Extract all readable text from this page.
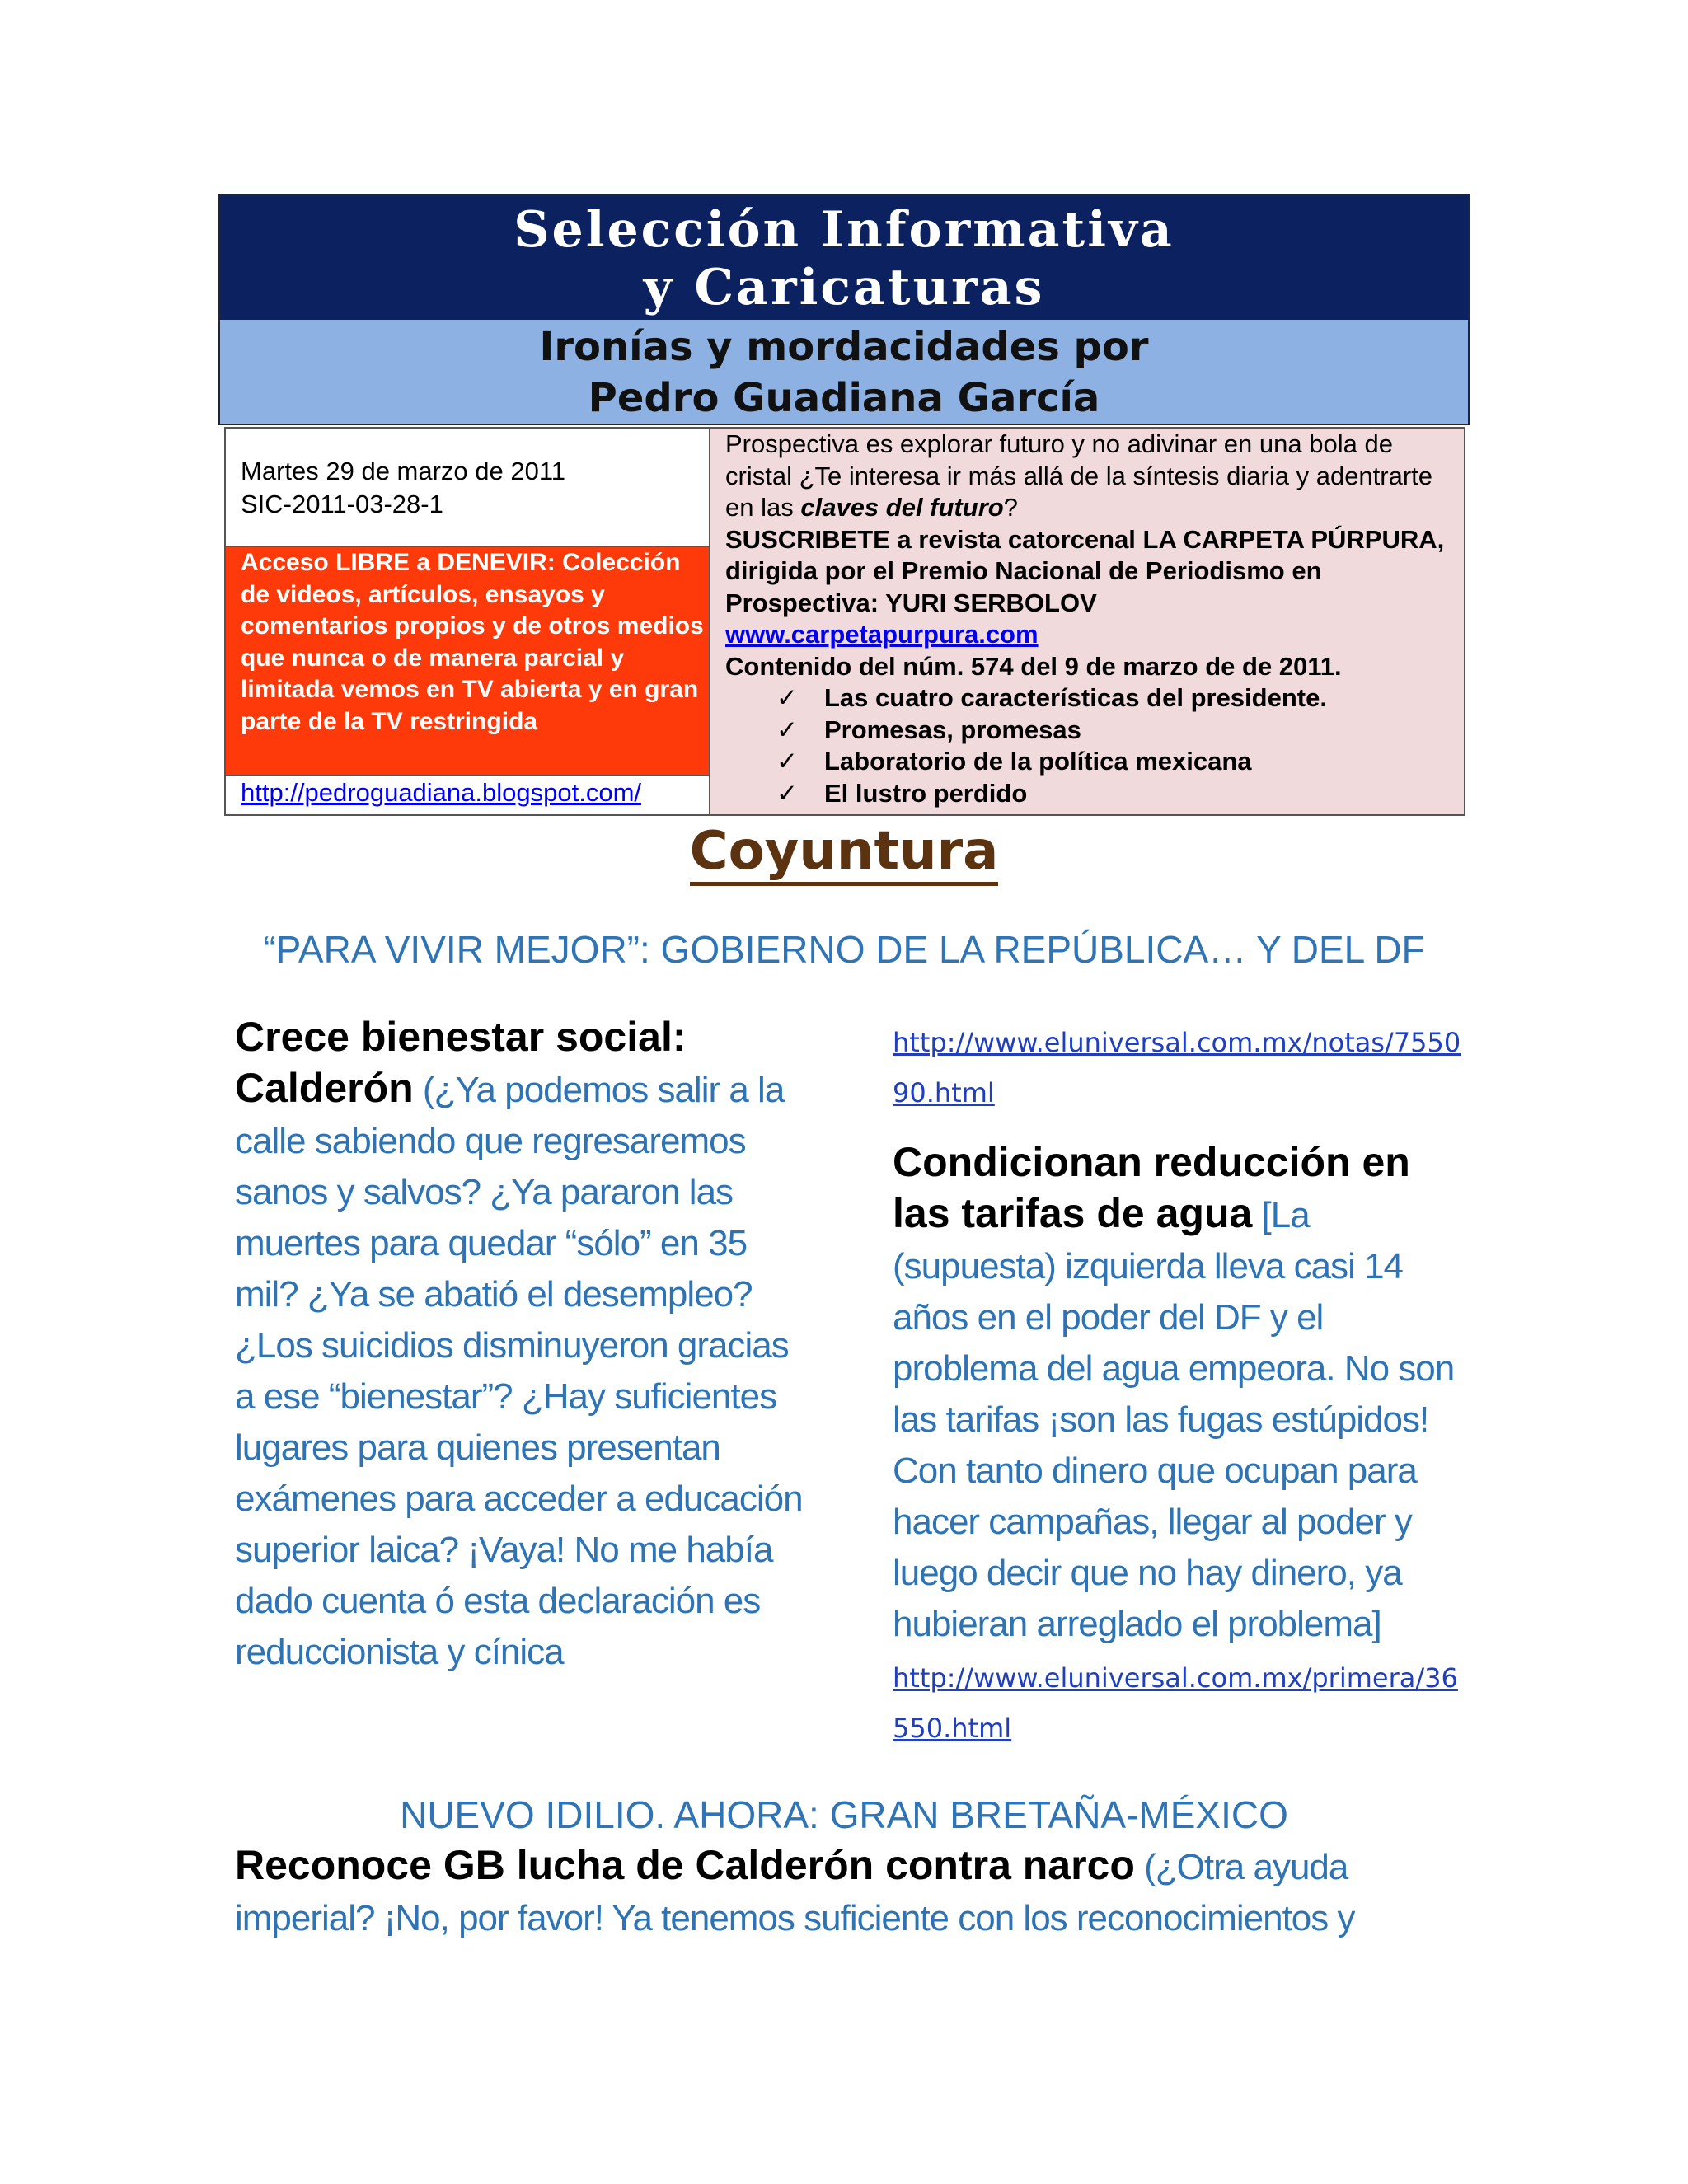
Selección Informativa
y Caricaturas
Ironías y mordacidades por
Pedro Guadiana García
Martes 29 de marzo de 2011
SIC-2011-03-28-1
Acceso LIBRE a DENEVIR: Colección de videos, artículos, ensayos y comentarios propios y de otros medios que nunca o de manera parcial y limitada vemos en TV abierta y en gran parte de la TV restringida
http://pedroguadiana.blogspot.com/
Prospectiva es explorar futuro y no adivinar en una bola de cristal ¿Te interesa ir más allá de la síntesis diaria y adentrarte en las claves del futuro?
SUSCRIBETE a revista catorcenal LA CARPETA PÚRPURA, dirigida por el Premio Nacional de Periodismo en Prospectiva: YURI SERBOLOV
www.carpetapurpura.com
Contenido del núm. 574 del 9 de marzo de de 2011.
✓ Las cuatro características del presidente.
✓ Promesas, promesas
✓ Laboratorio de la política mexicana
✓ El lustro perdido
Coyuntura
“PARA VIVIR MEJOR”: GOBIERNO DE LA REPÚBLICA… Y DEL DF
Crece bienestar social: Calderón (¿Ya podemos salir a la calle sabiendo que regresaremos sanos y salvos? ¿Ya pararon las muertes para quedar “sólo” en 35 mil? ¿Ya se abatió el desempleo? ¿Los suicidios disminuyeron gracias a ese “bienestar”? ¿Hay suficientes lugares para quienes presentan exámenes para acceder a educación superior laica? ¡Vaya! No me había dado cuenta ó esta declaración es reduccionista y cínica
http://www.eluniversal.com.mx/notas/7550
90.html
Condicionan reducción en las tarifas de agua [La (supuesta) izquierda lleva casi 14 años en el poder del DF y el problema del agua empeora. No son las tarifas ¡son las fugas estúpidos! Con tanto dinero que ocupan para hacer campañas, llegar al poder y luego decir que no hay dinero, ya hubieran arreglado el problema]
http://www.eluniversal.com.mx/primera/36
550.html
NUEVO IDILIO. AHORA: GRAN BRETAÑA-MÉXICO
Reconoce GB lucha de Calderón contra narco (¿Otra ayuda imperial? ¡No, por favor! Ya tenemos suficiente con los reconocimientos y
